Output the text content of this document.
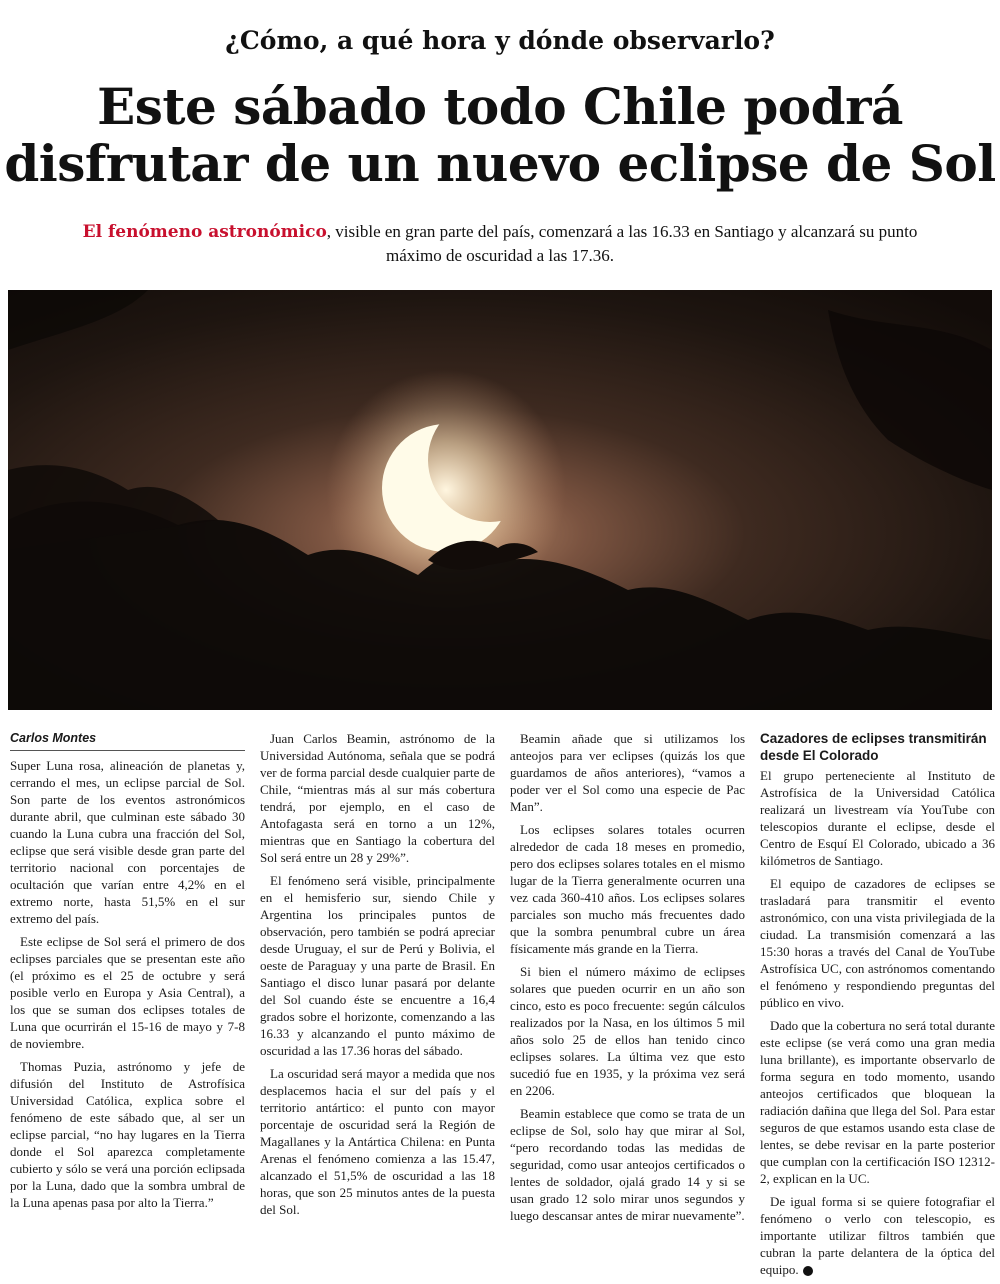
¿Cómo, a qué hora y dónde observarlo?
Este sábado todo Chile podrá
disfrutar de un nuevo eclipse de Sol
El fenómeno astronómico, visible en gran parte del país, comenzará a las 16.33 en Santiago y alcanzará su punto máximo de oscuridad a las 17.36.
Carlos Montes

Super Luna rosa, alineación de planetas y, cerrando el mes, un eclipse parcial de Sol. Son parte de los eventos astronómicos durante abril, que culminan este sábado 30 cuando la Luna cubra una fracción del Sol, eclipse que será visible desde gran parte del territorio nacional con porcentajes de ocultación que varían entre 4,2% en el extremo norte, hasta 51,5% en el sur extremo del país.

Este eclipse de Sol será el primero de dos eclipses parciales que se presentan este año (el próximo es el 25 de octubre y será posible verlo en Europa y Asia Central), a los que se suman dos eclipses totales de Luna que ocurrirán el 15-16 de mayo y 7-8 de noviembre.

Thomas Puzia, astrónomo y jefe de difusión del Instituto de Astrofísica Universidad Católica, explica sobre el fenómeno de este sábado que, al ser un eclipse parcial, “no hay lugares en la Tierra donde el Sol aparezca completamente cubierto y sólo se verá una porción eclipsada por la Luna, dado que la sombra umbral de la Luna apenas pasa por alto la Tierra.”

Juan Carlos Beamin, astrónomo de la Universidad Autónoma, señala que se podrá ver de forma parcial desde cualquier parte de Chile, “mientras más al sur más cobertura tendrá, por ejemplo, en el caso de Antofagasta será en torno a un 12%, mientras que en Santiago la cobertura del Sol será entre un 28 y 29%”.

El fenómeno será visible, principalmente en el hemisferio sur, siendo Chile y Argentina los principales puntos de observación, pero también se podrá apreciar desde Uruguay, el sur de Perú y Bolivia, el oeste de Paraguay y una parte de Brasil. En Santiago el disco lunar pasará por delante del Sol cuando éste se encuentre a 16,4 grados sobre el horizonte, comenzando a las 16.33 y alcanzando el punto máximo de oscuridad a las 17.36 horas del sábado.

La oscuridad será mayor a medida que nos desplacemos hacia el sur del país y el territorio antártico: el punto con mayor porcentaje de oscuridad será la Región de Magallanes y la Antártica Chilena: en Punta Arenas el fenómeno comienza a las 15.47, alcanzado el 51,5% de oscuridad a las 18 horas, que son 25 minutos antes de la puesta del Sol.

Beamin añade que si utilizamos los anteojos para ver eclipses (quizás los que guardamos de años anteriores), “vamos a poder ver el Sol como una especie de Pac Man”.

Los eclipses solares totales ocurren alrededor de cada 18 meses en promedio, pero dos eclipses solares totales en el mismo lugar de la Tierra generalmente ocurren una vez cada 360-410 años. Los eclipses solares parciales son mucho más frecuentes dado que la sombra penumbral cubre un área físicamente más grande en la Tierra.

Si bien el número máximo de eclipses solares que pueden ocurrir en un año son cinco, esto es poco frecuente: según cálculos realizados por la Nasa, en los últimos 5 mil años solo 25 de ellos han tenido cinco eclipses solares. La última vez que esto sucedió fue en 1935, y la próxima vez será en 2206.

Beamin establece que como se trata de un eclipse de Sol, solo hay que mirar al Sol, “pero recordando todas las medidas de seguridad, como usar anteojos certificados o lentes de soldador, ojalá grado 14 y si se usan grado 12 solo mirar unos segundos y luego descansar antes de mirar nuevamente”.

Cazadores de eclipses transmitirán desde El Colorado

El grupo perteneciente al Instituto de Astrofísica de la Universidad Católica realizará un livestream vía YouTube con telescopios durante el eclipse, desde el Centro de Esquí El Colorado, ubicado a 36 kilómetros de Santiago.

El equipo de cazadores de eclipses se trasladará para transmitir el evento astronómico, con una vista privilegiada de la ciudad. La transmisión comenzará a las 15:30 horas a través del Canal de YouTube Astrofísica UC, con astrónomos comentando el fenómeno y respondiendo preguntas del público en vivo.

Dado que la cobertura no será total durante este eclipse (se verá como una gran media luna brillante), es importante observarlo de forma segura en todo momento, usando anteojos certificados que bloquean la radiación dañina que llega del Sol. Para estar seguros de que estamos usando esta clase de lentes, se debe revisar en la parte posterior que cumplan con la certificación ISO 12312-2, explican en la UC.

De igual forma si se quiere fotografiar el fenómeno o verlo con telescopio, es importante utilizar filtros también que cubran la parte delantera de la óptica del equipo.
